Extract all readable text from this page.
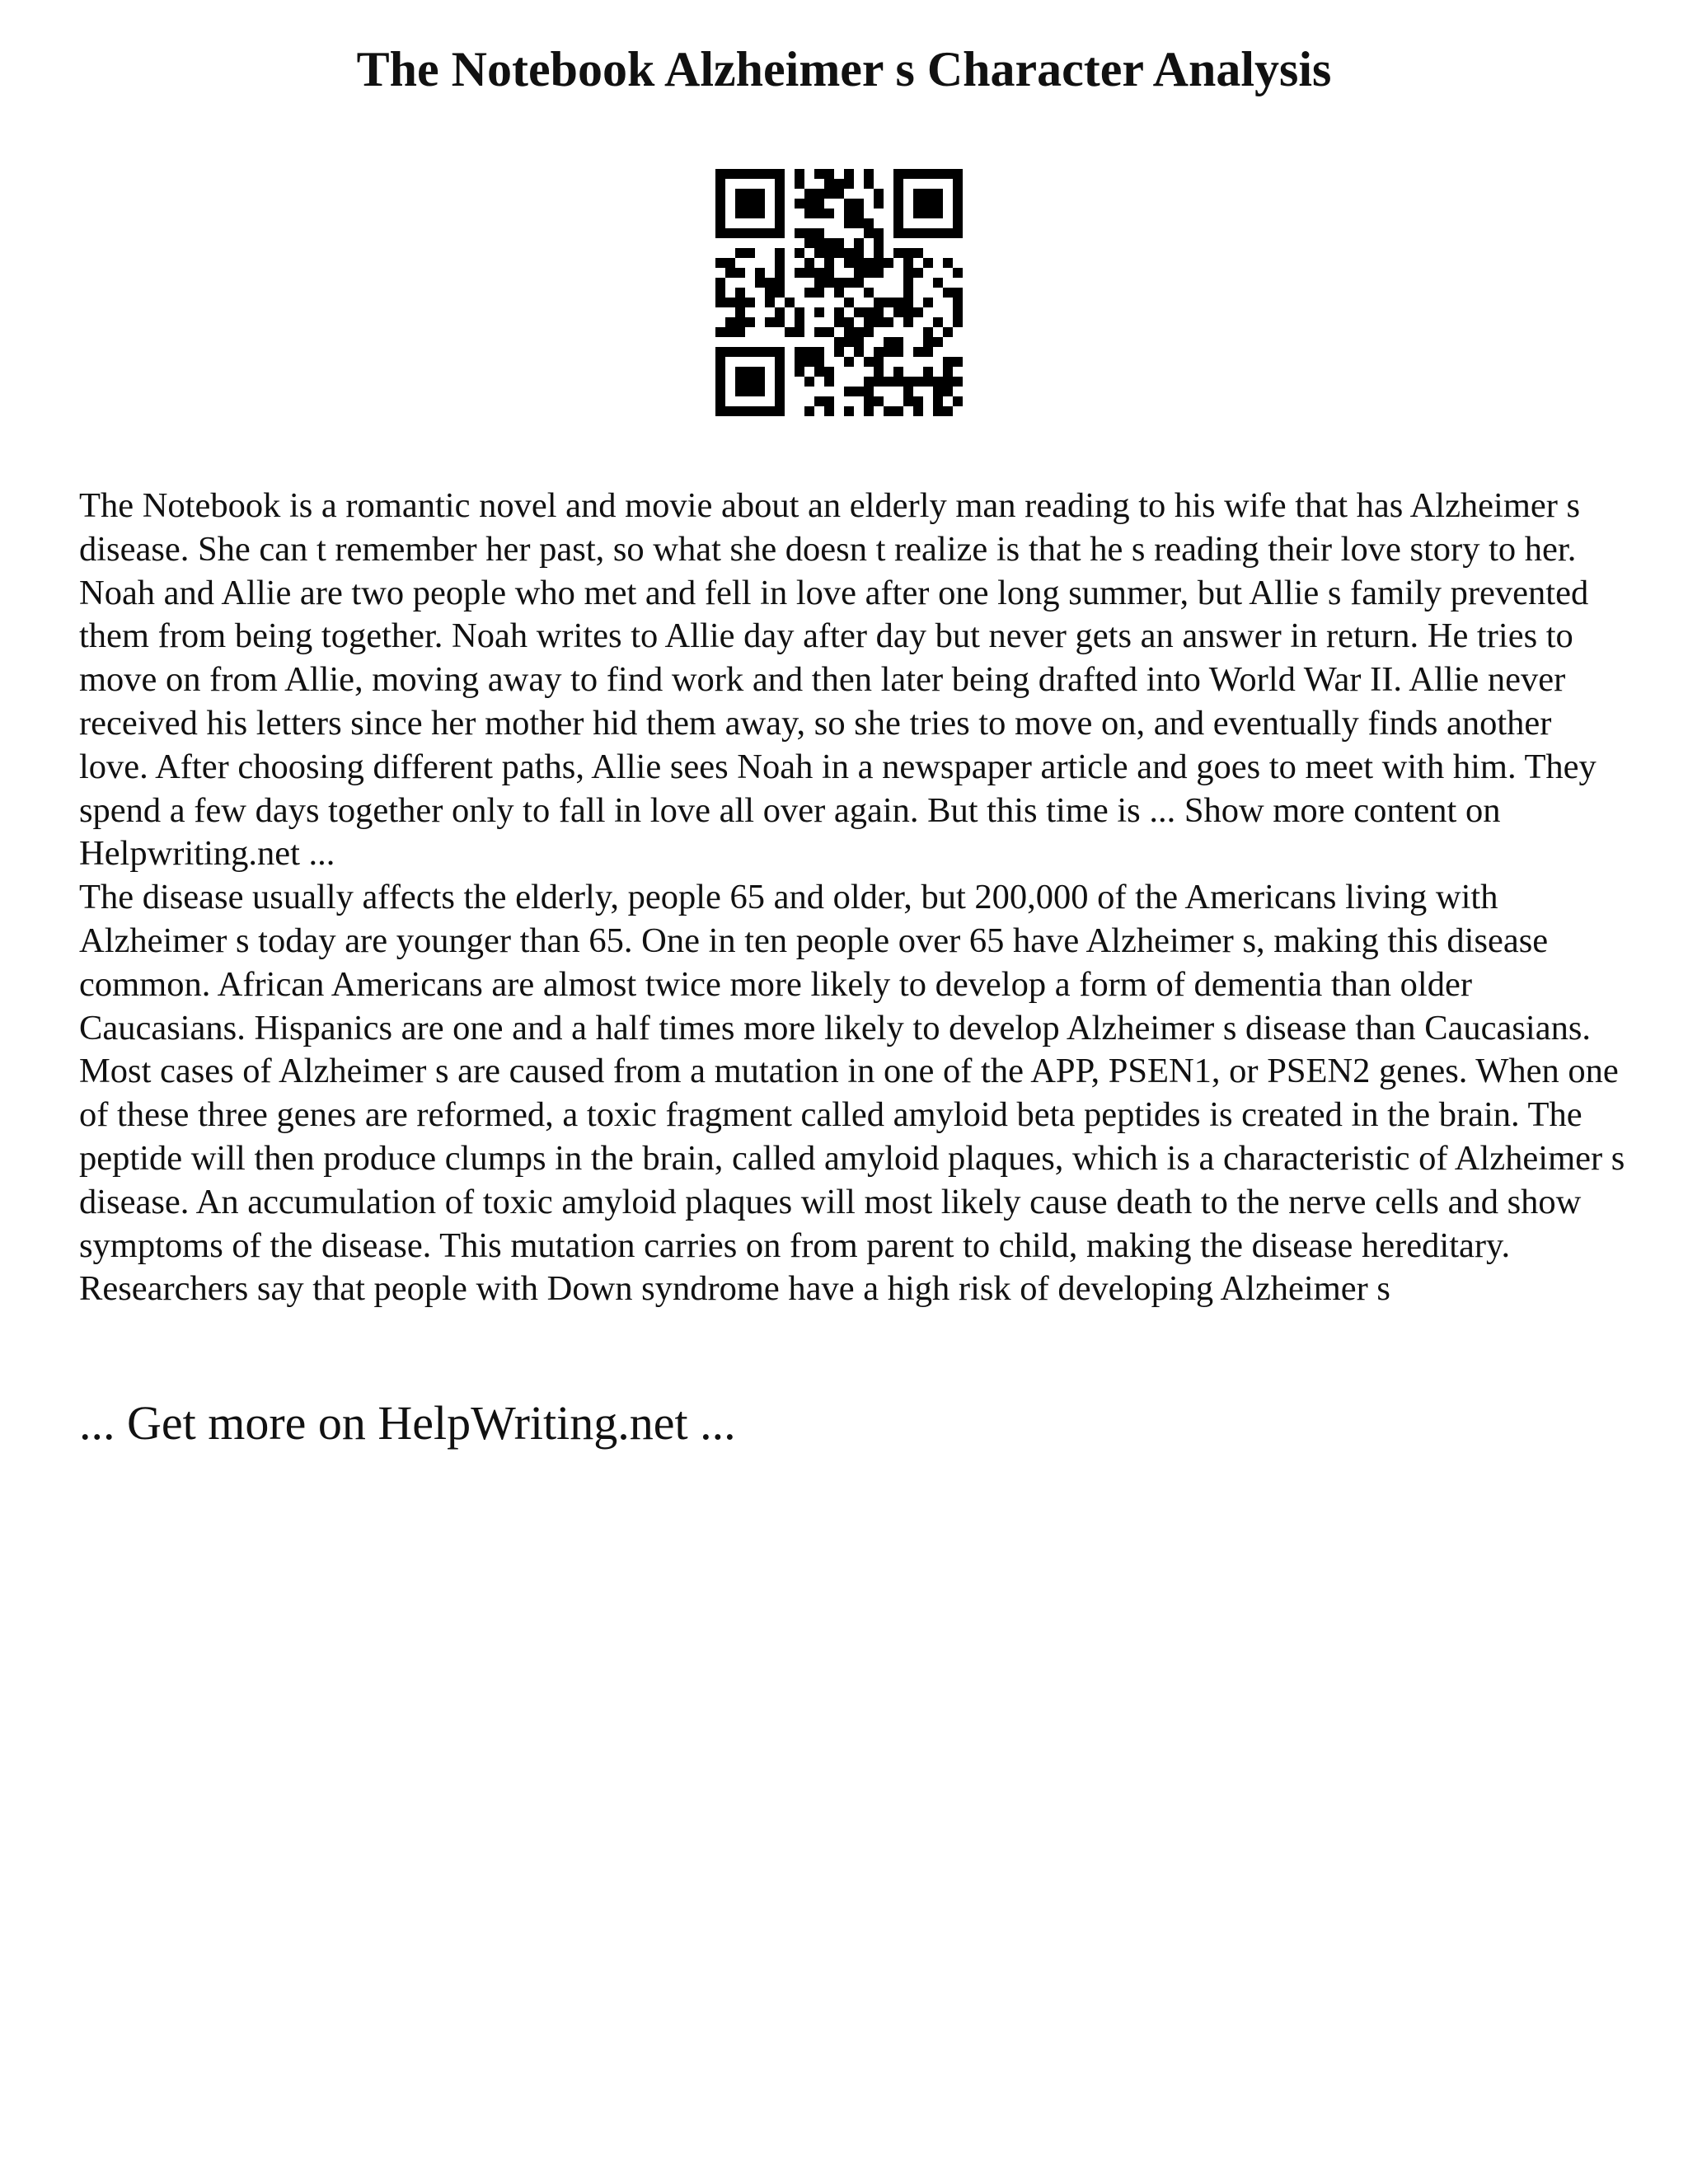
The Notebook Alzheimer s Character Analysis

The Notebook is a romantic novel and movie about an elderly man reading to his wife that has Alzheimer s disease. She can t remember her past, so what she doesn t realize is that he s reading their love story to her. Noah and Allie are two people who met and fell in love after one long summer, but Allie s family prevented them from being together. Noah writes to Allie day after day but never gets an answer in return. He tries to move on from Allie, moving away to find work and then later being drafted into World War II. Allie never received his letters since her mother hid them away, so she tries to move on, and eventually finds another love. After choosing different paths, Allie sees Noah in a newspaper article and goes to meet with him. They spend a few days together only to fall in love all over again. But this time is ... Show more content on Helpwriting.net ...

The disease usually affects the elderly, people 65 and older, but 200,000 of the Americans living with Alzheimer s today are younger than 65. One in ten people over 65 have Alzheimer s, making this disease common. African Americans are almost twice more likely to develop a form of dementia than older Caucasians. Hispanics are one and a half times more likely to develop Alzheimer s disease than Caucasians. Most cases of Alzheimer s are caused from a mutation in one of the APP, PSEN1, or PSEN2 genes. When one of these three genes are reformed, a toxic fragment called amyloid beta peptides is created in the brain. The peptide will then produce clumps in the brain, called amyloid plaques, which is a characteristic of Alzheimer s disease. An accumulation of toxic amyloid plaques will most likely cause death to the nerve cells and show symptoms of the disease. This mutation carries on from parent to child, making the disease hereditary. Researchers say that people with Down syndrome have a high risk of developing Alzheimer s

... Get more on HelpWriting.net ...
